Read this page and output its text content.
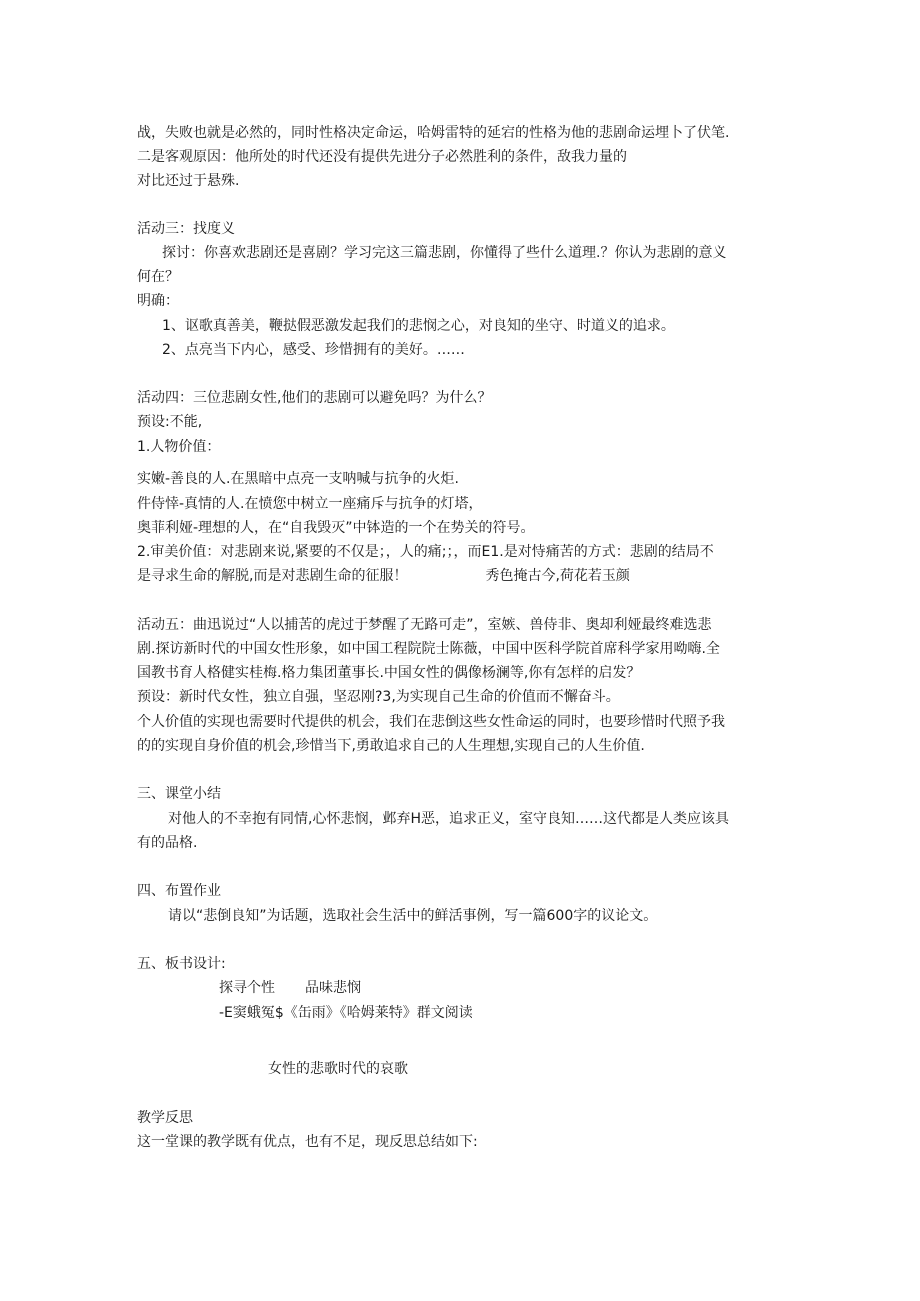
战，失败也就是必然的，同时性格决定命运，哈姆雷特的延宕的性格为他的悲剧命运埋卜了伏笔.

二是客观原因：他所处的时代还没有提供先进分子必然胜利的条件，敌我力量的

对比还过于悬殊.

活动三：找度义

探讨：你喜欢悲剧还是喜剧？学习完这三篇悲剧，你懂得了些什么道理.？你认为悲剧的意义

何在？

明确：

1、讴歌真善美，鞭挞假恶激发起我们的悲悯之心，对良知的坐守、时道义的追求。

2、点亮当下内心，感受、珍惜拥有的美好。……

活动四：三位悲剧女性,他们的悲剧可以避免吗？为什么？

预设:不能,

1.人物价值：

实嫩-善良的人.在黑暗中点亮一支呐喊与抗争的火炬.

件侍悻-真情的人.在愤您中树立一座痛斥与抗争的灯塔，

奥菲利娅-理想的人，在“自我毁灭”中钵造的一个在势关的符号。

2.审美价值：对悲剧来说,紧要的不仅是；，人的痛;；，而E1.是对恃痛苦的方式：悲剧的结局不

是寻求生命的解脱,而是对悲剧生命的征服！	秀色掩古今,荷花若玉颜

活动五：曲迅说过“人以捕苦的虎过于梦醒了无路可走”，室嫉、兽侍非、奥却利娅最终难选悲

剧.探访新时代的中国女性形象，如中国工程院院士陈薇，中国中医科学院首席科学家用呦嗨.全

国教书育人格健实桂梅.格力集团董事长.中国女性的偶像杨澜等,你有怎样的启发？

预设：新时代女性，独立自强，坚忍刚?3,为实现自己生命的价值而不懈奋斗。

个人价值的实现也需要时代提供的机会，我们在悲倒这些女性命运的同时，也要珍惜时代照予我

的的实现自身价值的机会,珍惜当下,勇敢追求自己的人生理想,实现自己的人生价值.

三、课堂小结

对他人的不幸抱有同情,心怀悲悯，邺弃H恶，追求正义，室守良知……这代都是人类应该具

有的品格.

四、布置作业

请以“悲倒良知”为话题，选取社会生活中的鲜活事例，写一篇600字的议论文。

五、板书设计:

探寻个性 品味悲悯

-E窦蛾冤$《缶雨》《哈姆莱特》群文阅读

女性的悲歌时代的哀歌

教学反思

这一堂课的教学既有优点，也有不足，现反思总结如下:
